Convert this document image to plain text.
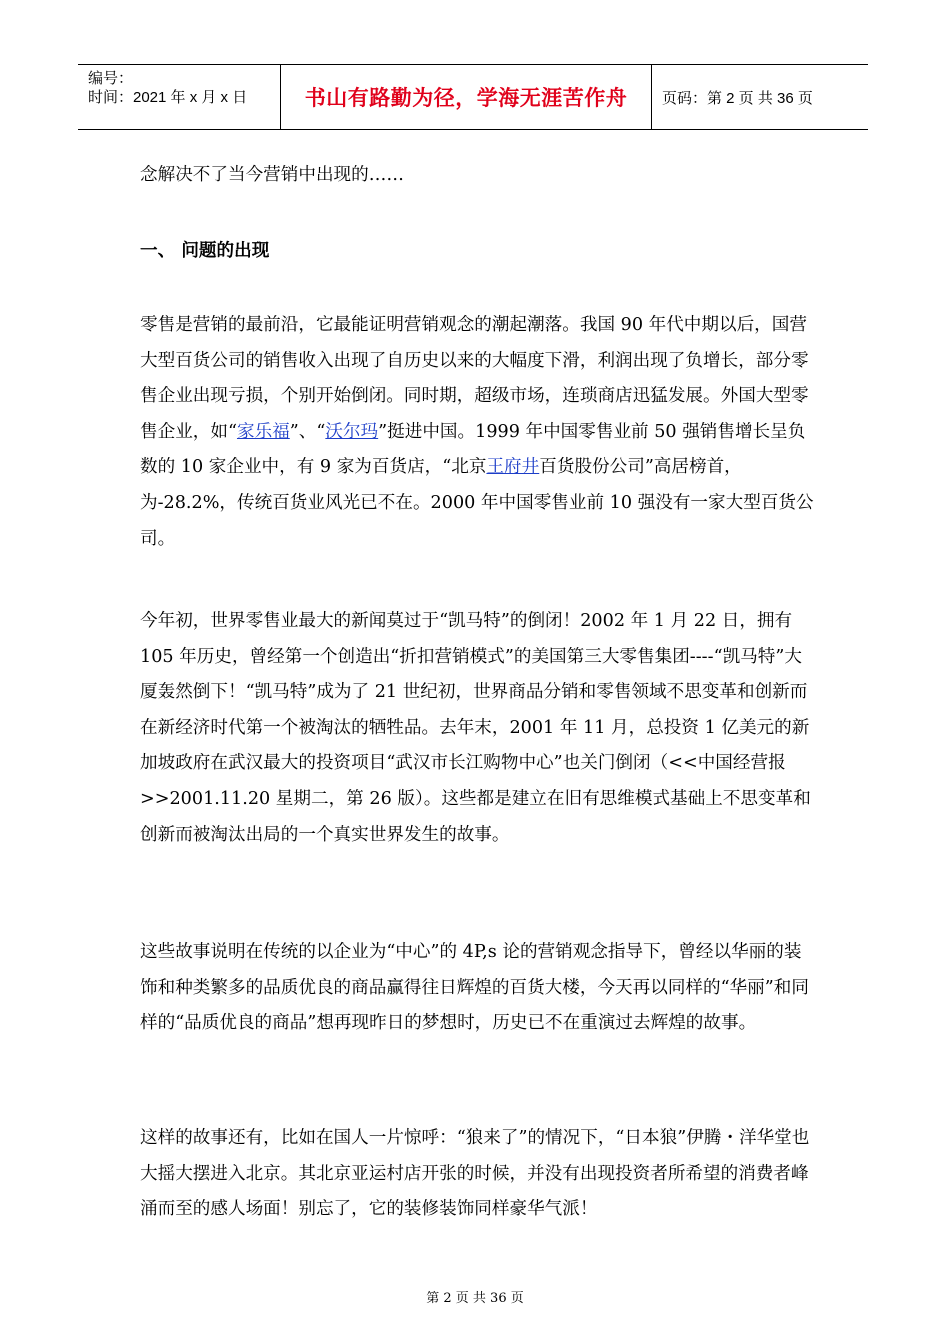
编号：
时间：2021 年 x 月 x 日	书山有路勤为径，学海无涯苦作舟	页码：第 2 页 共 36 页

念解决不了当今营销中出现的……

一、 问题的出现

零售是营销的最前沿，它最能证明营销观念的潮起潮落。我国 90 年代中期以后，国营大型百货公司的销售收入出现了自历史以来的大幅度下滑，利润出现了负增长，部分零售企业出现亏损，个别开始倒闭。同时期，超级市场，连琐商店迅猛发展。外国大型零售企业，如“家乐福”、“沃尔玛”挺进中国。1999 年中国零售业前 50 强销售增长呈负数的 10 家企业中，有 9 家为百货店，“北京王府井百货股份公司”高居榜首，为-28.2%，传统百货业风光已不在。2000 年中国零售业前 10 强没有一家大型百货公司。

今年初，世界零售业最大的新闻莫过于“凯马特”的倒闭！2002 年 1 月 22 日，拥有 105 年历史，曾经第一个创造出“折扣营销模式”的美国第三大零售集团----“凯马特”大厦轰然倒下！“凯马特”成为了 21 世纪初，世界商品分销和零售领域不思变革和创新而在新经济时代第一个被淘汰的牺牲品。去年末，2001 年 11 月，总投资 1 亿美元的新加坡政府在武汉最大的投资项目“武汉市长江购物中心”也关门倒闭（<<中国经营报>>2001.11.20 星期二，第 26 版）。这些都是建立在旧有思维模式基础上不思变革和创新而被淘汰出局的一个真实世界发生的故事。

这些故事说明在传统的以企业为“中心”的 4P,s 论的营销观念指导下，曾经以华丽的装饰和种类繁多的品质优良的商品赢得往日辉煌的百货大楼，今天再以同样的“华丽”和同样的“品质优良的商品”想再现昨日的梦想时，历史已不在重演过去辉煌的故事。

这样的故事还有，比如在国人一片惊呼：“狼来了”的情况下，“日本狼”伊腾・洋华堂也大摇大摆进入北京。其北京亚运村店开张的时候，并没有出现投资者所希望的消费者峰涌而至的感人场面！别忘了，它的装修装饰同样豪华气派！

第 2 页 共 36 页
